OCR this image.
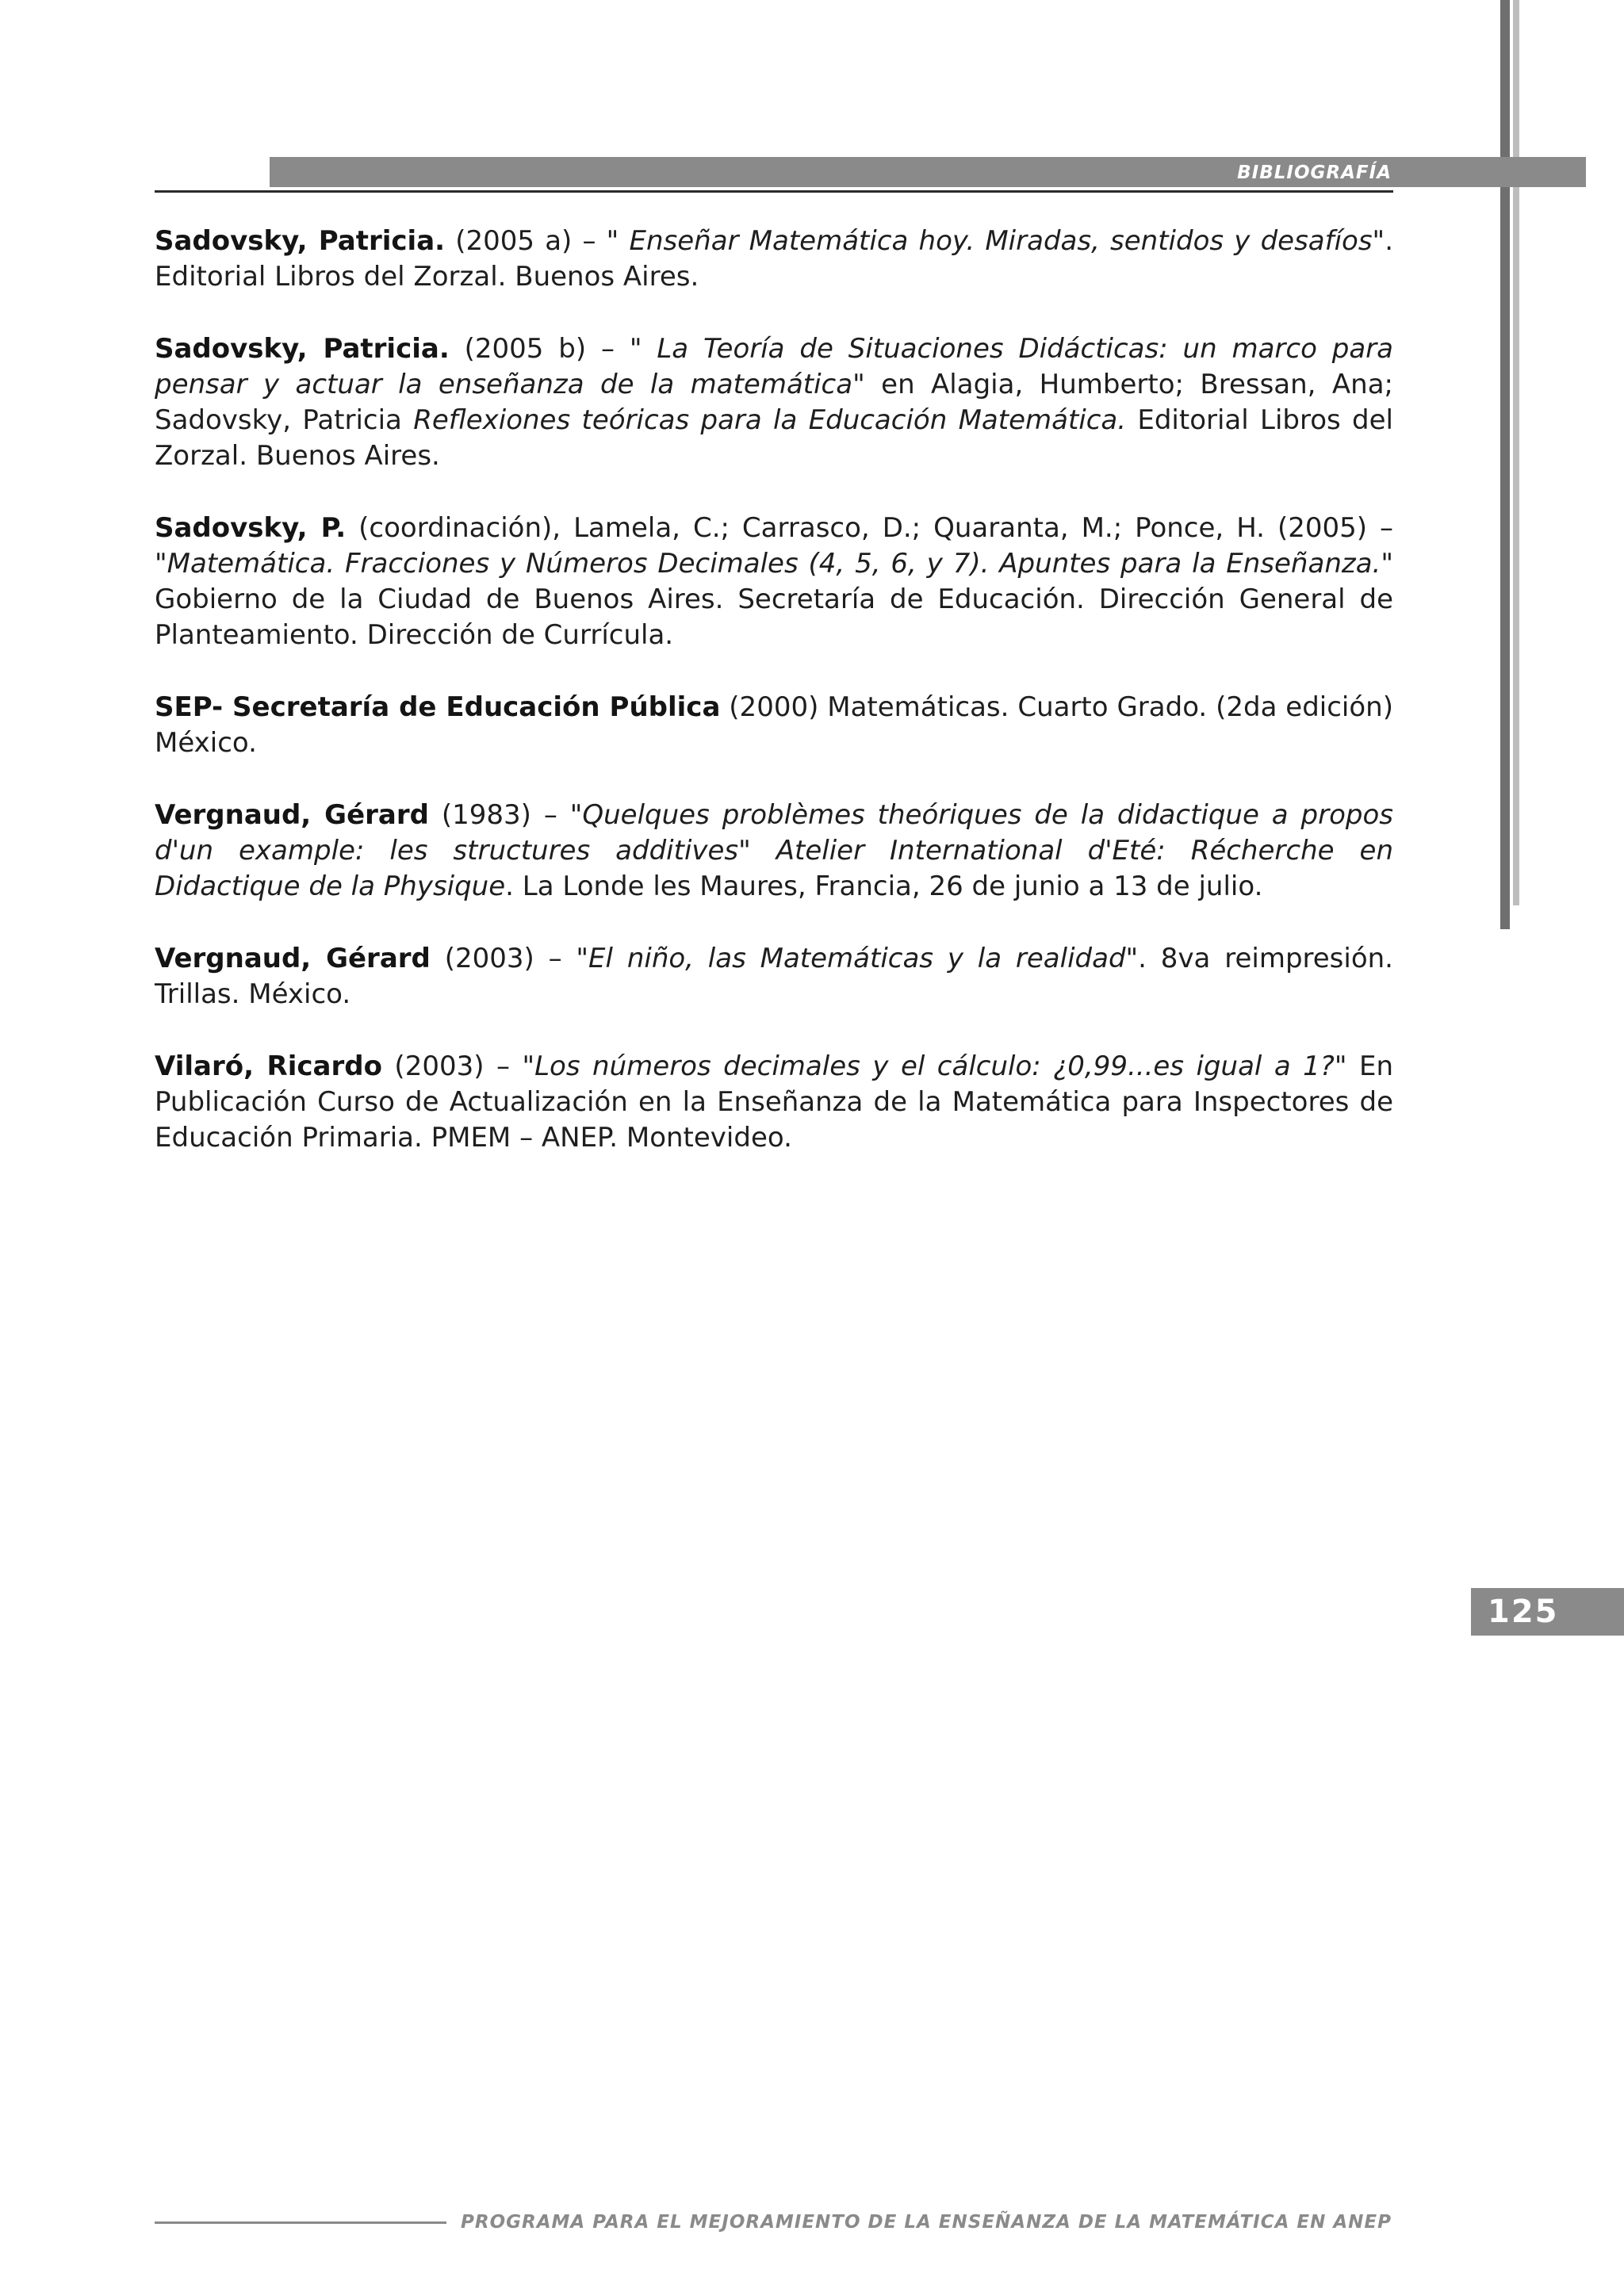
BIBLIOGRAFÍA

Sadovsky, Patricia. (2005 a) – " Enseñar Matemática hoy. Miradas, sentidos y desafíos". Editorial Libros del Zorzal. Buenos Aires.

Sadovsky, Patricia. (2005 b) – " La Teoría de Situaciones Didácticas: un marco para pensar y actuar la enseñanza de la matemática" en Alagia, Humberto; Bressan, Ana; Sadovsky, Patricia Reflexiones teóricas para la Educación Matemática. Editorial Libros del Zorzal. Buenos Aires.

Sadovsky, P. (coordinación), Lamela, C.; Carrasco, D.; Quaranta, M.; Ponce, H. (2005) – "Matemática. Fracciones y Números Decimales (4, 5, 6, y 7). Apuntes para la Enseñanza." Gobierno de la Ciudad de Buenos Aires. Secretaría de Educación. Dirección General de Planteamiento. Dirección de Currícula.

SEP- Secretaría de Educación Pública (2000) Matemáticas. Cuarto Grado. (2da edición) México.

Vergnaud, Gérard (1983) – "Quelques problèmes theóriques de la didactique a propos d'un example: les structures additives" Atelier International d'Eté: Récherche en Didactique de la Physique. La Londe les Maures, Francia, 26 de junio a 13 de julio.

Vergnaud, Gérard (2003) – "El niño, las Matemáticas y la realidad". 8va reimpresión. Trillas. México.

Vilaró, Ricardo (2003) – "Los números decimales y el cálculo: ¿0,99...es igual a 1?" En Publicación Curso de Actualización en la Enseñanza de la Matemática para Inspectores de Educación Primaria. PMEM – ANEP. Montevideo.

125
PROGRAMA PARA EL MEJORAMIENTO DE LA ENSEÑANZA DE LA MATEMÁTICA EN ANEP
